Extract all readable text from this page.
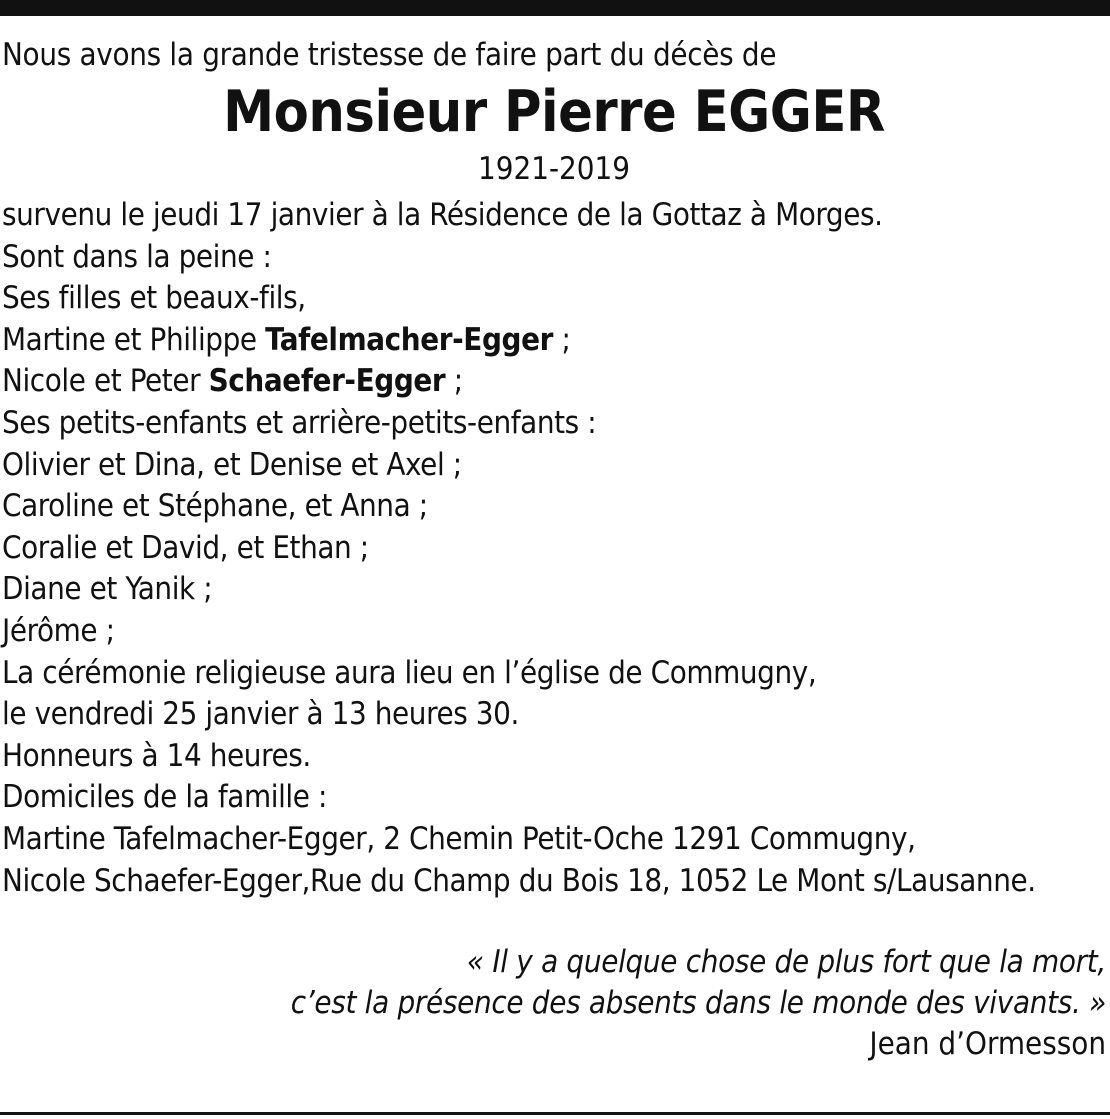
Nous avons la grande tristesse de faire part du décès de
Monsieur Pierre EGGER
1921-2019
survenu le jeudi 17 janvier à la Résidence de la Gottaz à Morges.
Sont dans la peine :
Ses filles et beaux-fils,
Martine et Philippe Tafelmacher-Egger ;
Nicole et Peter Schaefer-Egger ;
Ses petits-enfants et arrière-petits-enfants :
Olivier et Dina, et Denise et Axel ;
Caroline et Stéphane, et Anna ;
Coralie et David, et Ethan ;
Diane et Yanik ;
Jérôme ;
La cérémonie religieuse aura lieu en l’église de Commugny,
le vendredi 25 janvier à 13 heures 30.
Honneurs à 14 heures.
Domiciles de la famille :
Martine Tafelmacher-Egger, 2 Chemin Petit-Oche 1291 Commugny,
Nicole Schaefer-Egger,Rue du Champ du Bois 18, 1052 Le Mont s/Lausanne.
« Il y a quelque chose de plus fort que la mort,
c’est la présence des absents dans le monde des vivants. »
Jean d’Ormesson
